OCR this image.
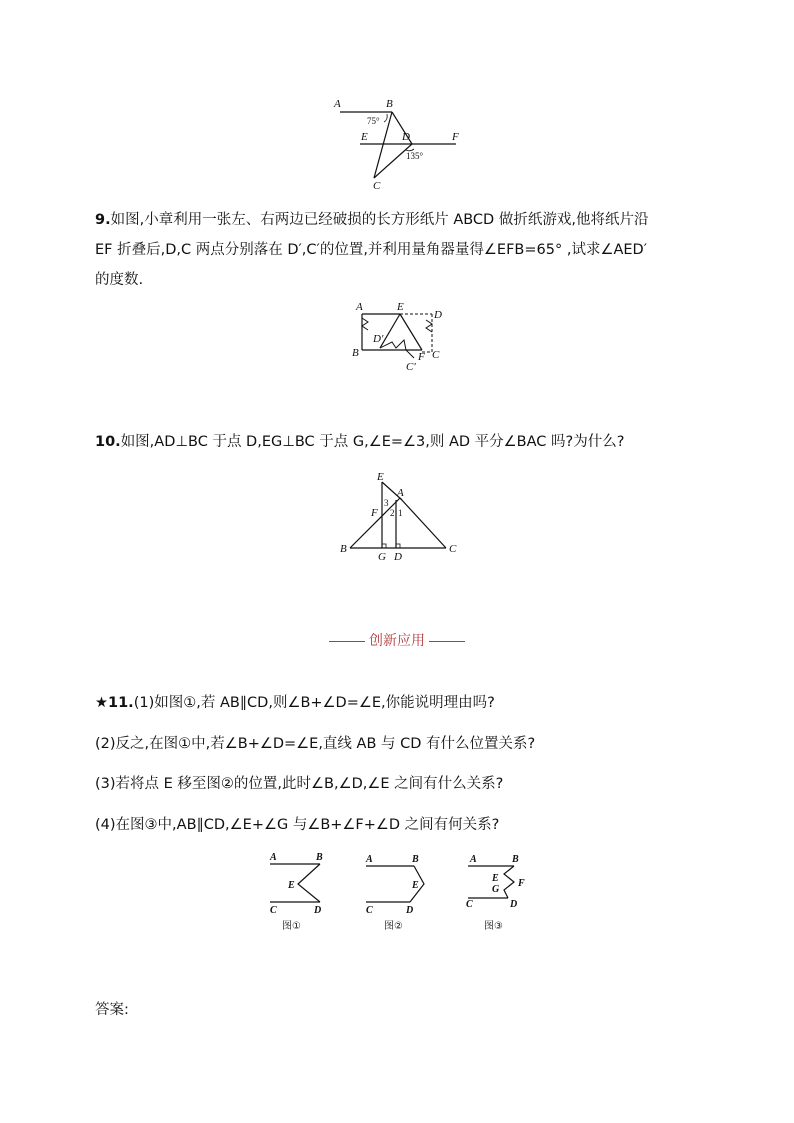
A	B
75°
E	D	F
135°
C
9.如图,小章利用一张左、右两边已经破损的长方形纸片 ABCD 做折纸游戏,他将纸片沿
EF 折叠后,D,C 两点分别落在 D′,C′的位置,并利用量角器量得∠EFB=65° ,试求∠AED′
的度数.
A	E
D
B
D′
F C
C′
10.如图,AD⊥BC 于点 D,EG⊥BC 于点 G,∠E=∠3,则 AD 平分∠BAC 吗?为什么?
E
A
3
2 1
F
B
G D
C
创新应用
★11.(1)如图①,若 AB∥CD,则∠B+∠D=∠E,你能说明理由吗?
(2)反之,在图①中,若∠B+∠D=∠E,直线 AB 与 CD 有什么位置关系?
(3)若将点 E 移至图②的位置,此时∠B,∠D,∠E 之间有什么关系?
(4)在图③中,AB∥CD,∠E+∠G 与∠B+∠F+∠D 之间有何关系?
A	B
E
C	D
图①
A	B
E
C	D
图②
A	B
E
G
F
C	D
图③
答案:
